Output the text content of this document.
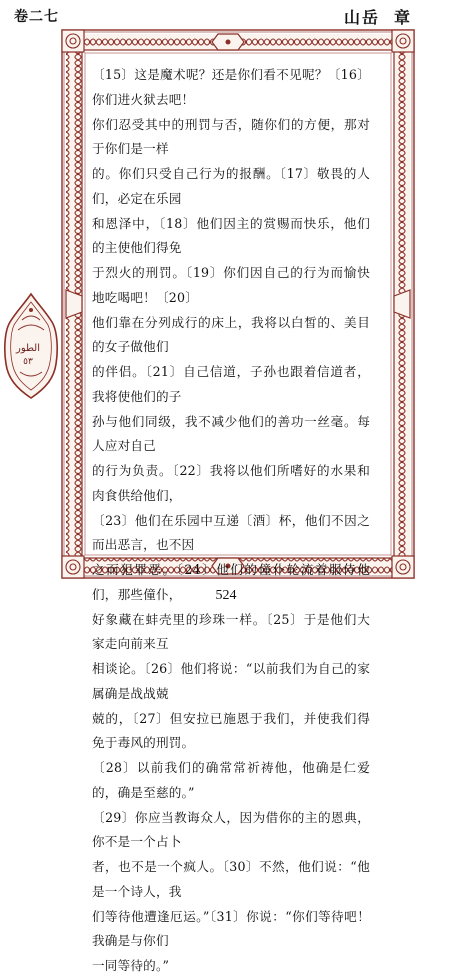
卷二七	山岳 章
الطور
٥٣

〔15〕这是魔术呢？还是你们看不见呢？〔16〕你们进火狱去吧！

你们忍受其中的刑罚与否，随你们的方便，那对于你们是一样

的。你们只受自己行为的报酬。〔17〕敬畏的人们，必定在乐园

和恩泽中，〔18〕他们因主的赏赐而快乐，他们的主使他们得免

于烈火的刑罚。〔19〕你们因自己的行为而愉快地吃喝吧！〔20〕

他们靠在分列成行的床上，我将以白皙的、美目的女子做他们

的伴侣。〔21〕自己信道，子孙也跟着信道者，我将使他们的子

孙与他们同级，我不减少他们的善功一丝毫。每人应对自己

的行为负责。〔22〕我将以他们所嗜好的水果和肉食供给他们，

〔23〕他们在乐园中互递〔酒〕杯，他们不因之而出恶言，也不因

之而犯罪恶。〔24〕他们的僮仆轮流着服侍他们，那些僮仆，

好象藏在蚌壳里的珍珠一样。〔25〕于是他们大家走向前来互

相谈论。〔26〕他们将说：“以前我们为自己的家属确是战战兢

兢的，〔27〕但安拉已施恩于我们，并使我们得免于毒风的刑罚。

〔28〕以前我们的确常常祈祷他，他确是仁爱的，确是至慈的。”

〔29〕你应当教诲众人，因为借你的主的恩典，你不是一个占卜

者，也不是一个疯人。〔30〕不然，他们说：“他是一个诗人，我

们等待他遭逢厄运。”〔31〕你说：“你们等待吧！我确是与你们

一同等待的。”

524
